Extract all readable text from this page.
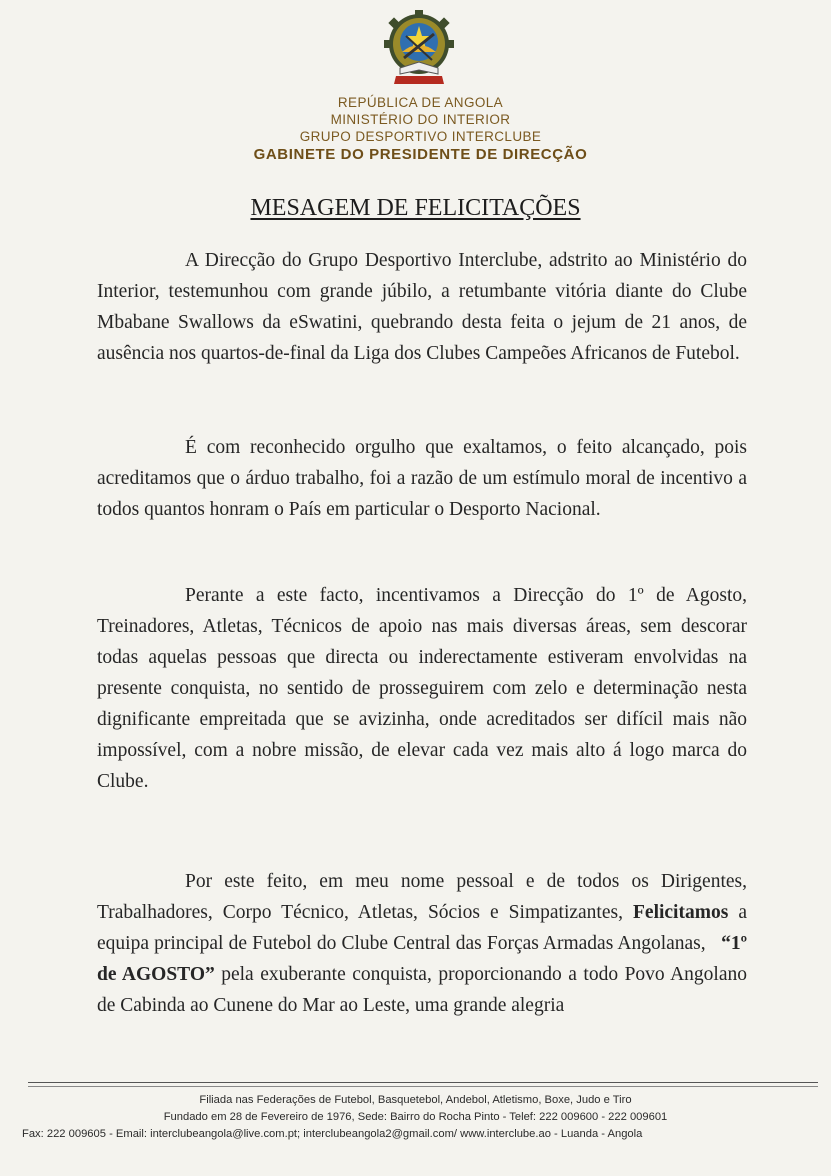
REPÚBLICA DE ANGOLA
MINISTÉRIO DO INTERIOR
GRUPO DESPORTIVO INTERCLUBE
GABINETE DO PRESIDENTE DE DIRECÇÃO
MESAGEM DE FELICITAÇÕES

A Direcção do Grupo Desportivo Interclube, adstrito ao Ministério do Interior, testemunhou com grande júbilo, a retumbante vitória diante do Clube Mbabane Swallows da eSwatini, quebrando desta feita o jejum de 21 anos, de ausência nos quartos-de-final da Liga dos Clubes Campeões Africanos de Futebol.

É com reconhecido orgulho que exaltamos, o feito alcançado, pois acreditamos que o árduo trabalho, foi a razão de um estímulo moral de incentivo a todos quantos honram o País em particular o Desporto Nacional.

Perante a este facto, incentivamos a Direcção do 1º de Agosto, Treinadores, Atletas, Técnicos de apoio nas mais diversas áreas, sem descorar todas aquelas pessoas que directa ou inderectamente estiveram envolvidas na presente conquista, no sentido de prosseguirem com zelo e determinação nesta dignificante empreitada que se avizinha, onde acreditados ser difícil mais não impossível, com a nobre missão, de elevar cada vez mais alto á logo marca do Clube.

Por este feito, em meu nome pessoal e de todos os Dirigentes, Trabalhadores, Corpo Técnico, Atletas, Sócios e Simpatizantes, Felicitamos a equipa principal de Futebol do Clube Central das Forças Armadas Angolanas,   “1º de AGOSTO” pela exuberante conquista, proporcionando a todo Povo Angolano de Cabinda ao Cunene do Mar ao Leste, uma grande alegria

Filiada nas Federações de Futebol, Basquetebol, Andebol, Atletismo, Boxe, Judo e Tiro
Fundado em 28 de Fevereiro de 1976, Sede: Bairro do Rocha Pinto - Telef: 222 009600 - 222 009601
Fax: 222 009605 - Email: interclubeangola@live.com.pt; interclubeangola2@gmail.com/ www.interclube.ao - Luanda - Angola
